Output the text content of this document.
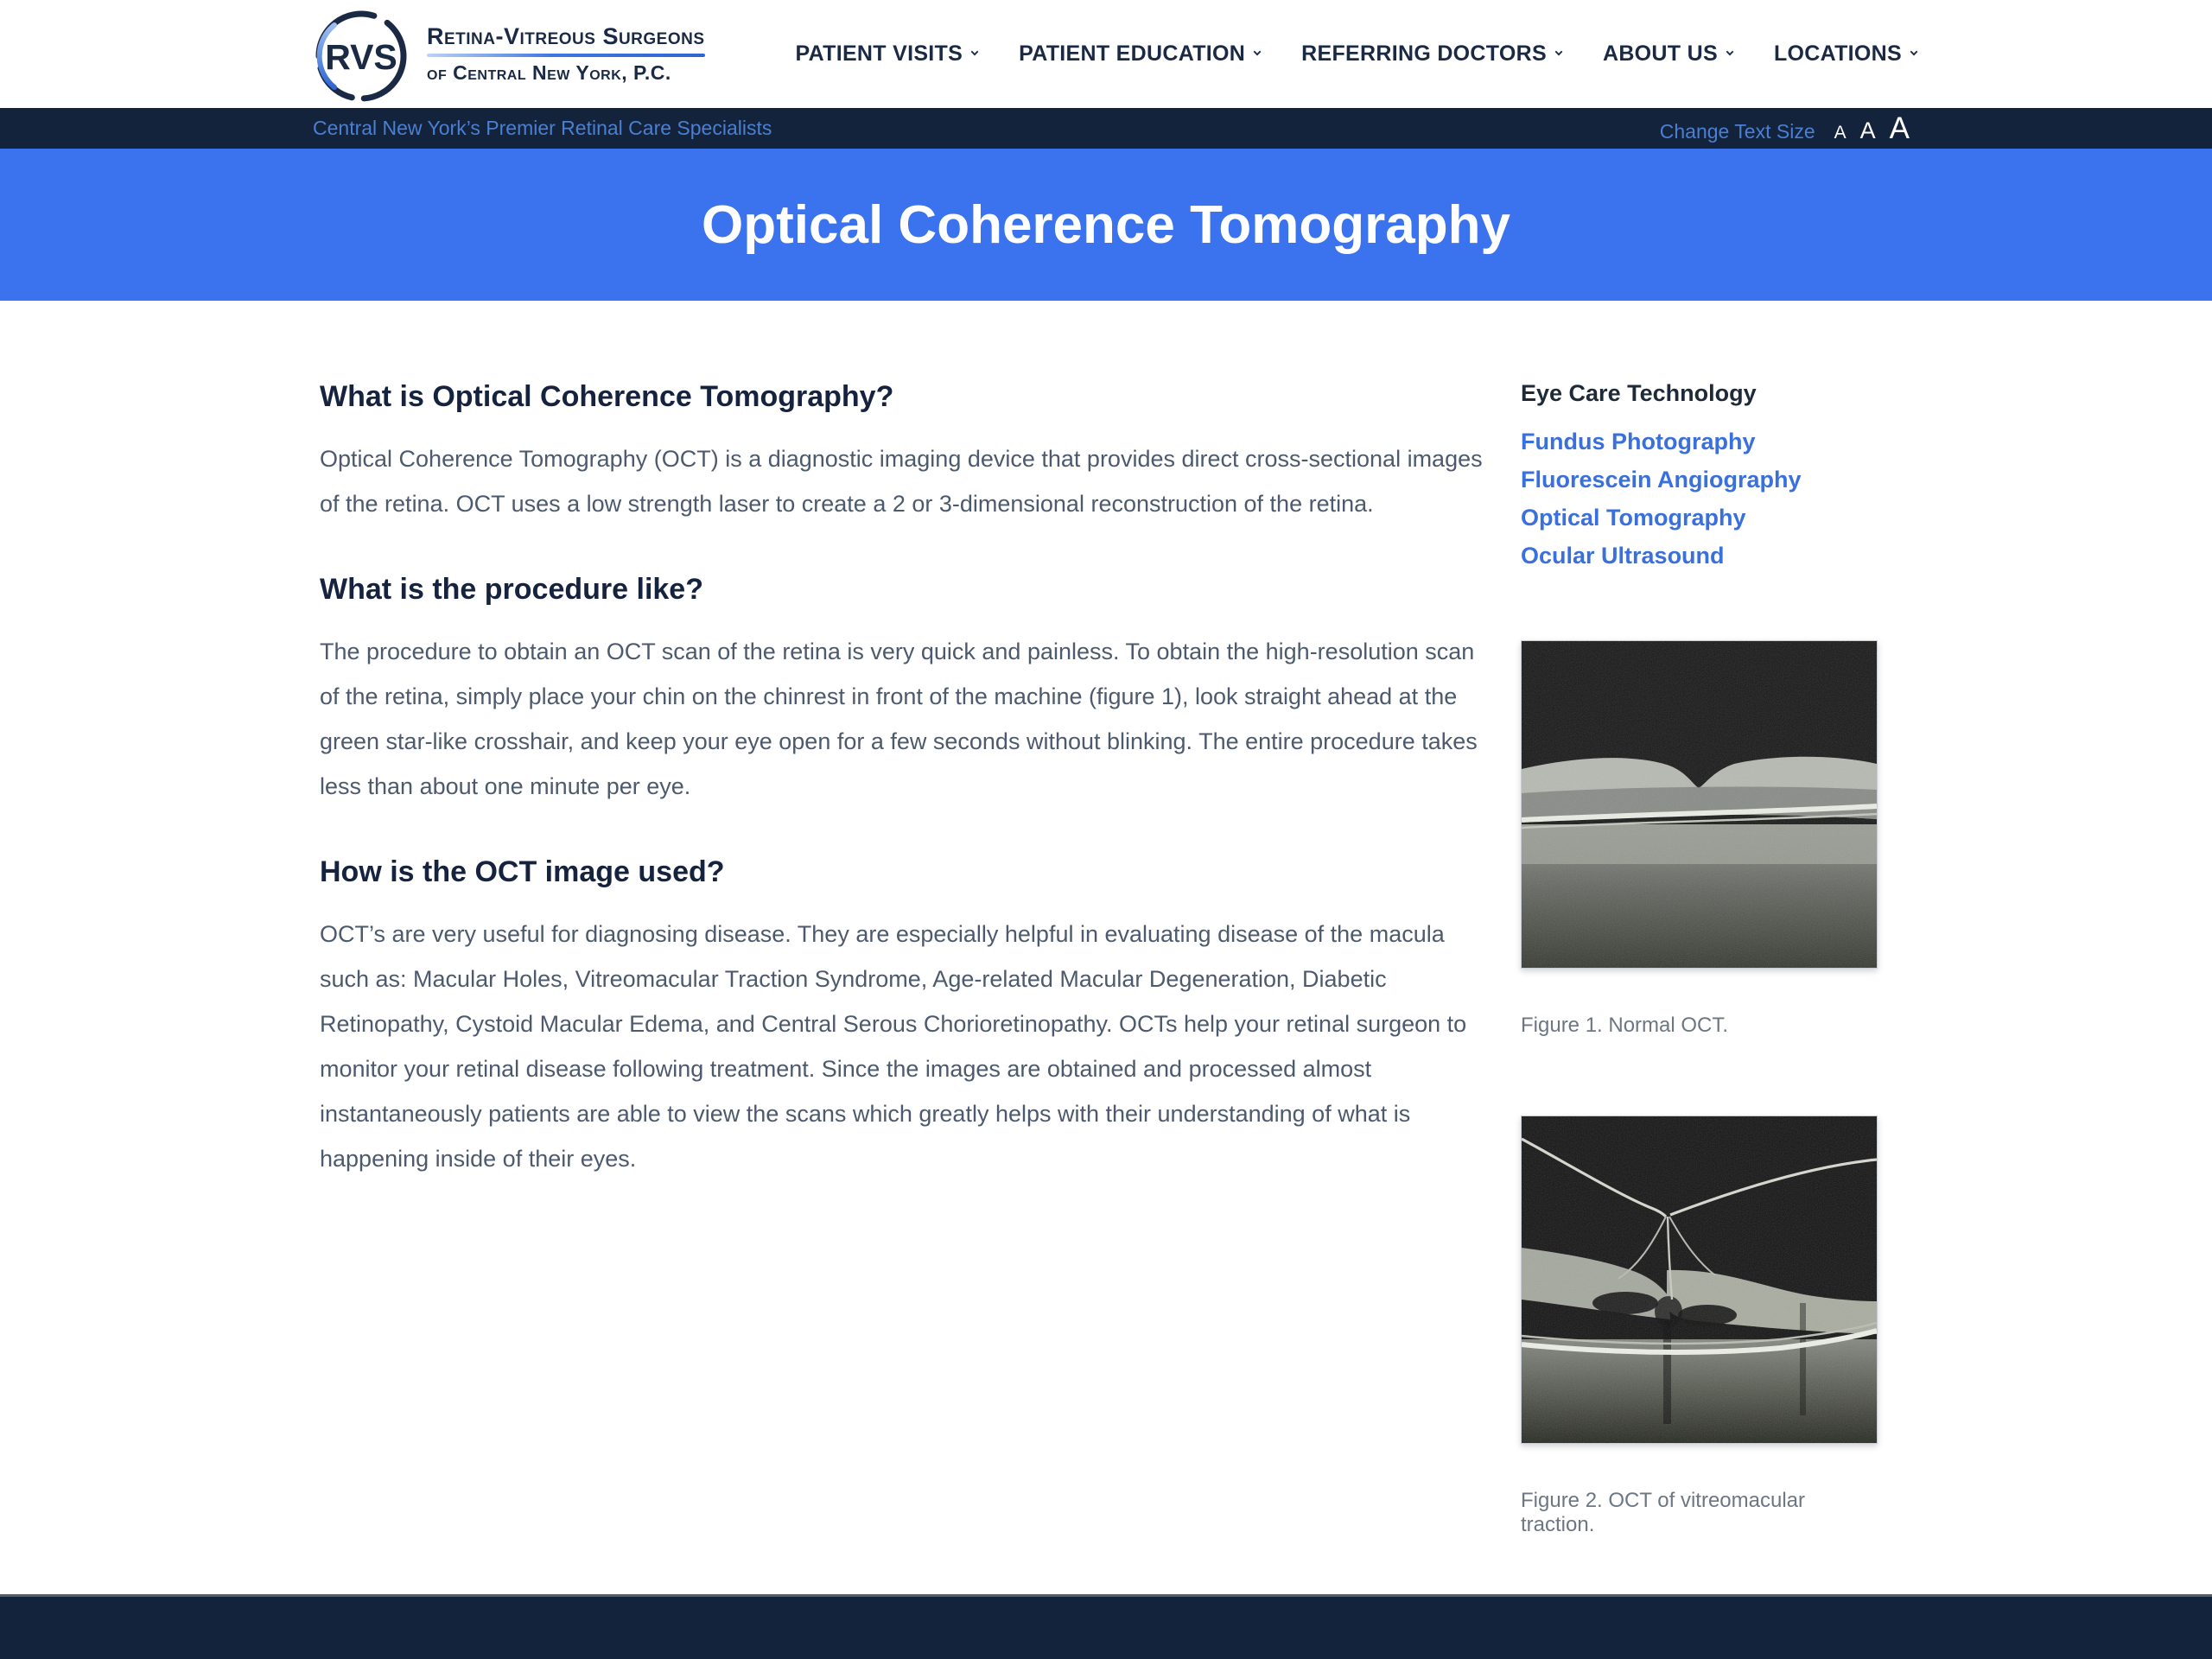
RVS
Retina-Vitreous Surgeons
of Central New York, P.C.
PATIENT VISITS	PATIENT EDUCATION	REFERRING DOCTORS	ABOUT US	LOCATIONS
Central New York’s Premier Retinal Care Specialists	Change Text Size A A A
Optical Coherence Tomography
What is Optical Coherence Tomography?

Optical Coherence Tomography (OCT) is a diagnostic imaging device that provides direct cross-sectional images of the retina. OCT uses a low strength laser to create a 2 or 3-dimensional reconstruction of the retina.

What is the procedure like?

The procedure to obtain an OCT scan of the retina is very quick and painless. To obtain the high-resolution scan of the retina, simply place your chin on the chinrest in front of the machine (figure 1), look straight ahead at the green star-like crosshair, and keep your eye open for a few seconds without blinking. The entire procedure takes less than about one minute per eye.

How is the OCT image used?

OCT’s are very useful for diagnosing disease. They are especially helpful in evaluating disease of the macula such as: Macular Holes, Vitreomacular Traction Syndrome, Age-related Macular Degeneration, Diabetic Retinopathy, Cystoid Macular Edema, and Central Serous Chorioretinopathy. OCTs help your retinal surgeon to monitor your retinal disease following treatment. Since the images are obtained and processed almost instantaneously patients are able to view the scans which greatly helps with their understanding of what is happening inside of their eyes.

Eye Care Technology
Fundus Photography
Fluorescein Angiography
Optical Tomography
Ocular Ultrasound
Figure 1. Normal OCT.
Figure 2. OCT of vitreomacular traction.
